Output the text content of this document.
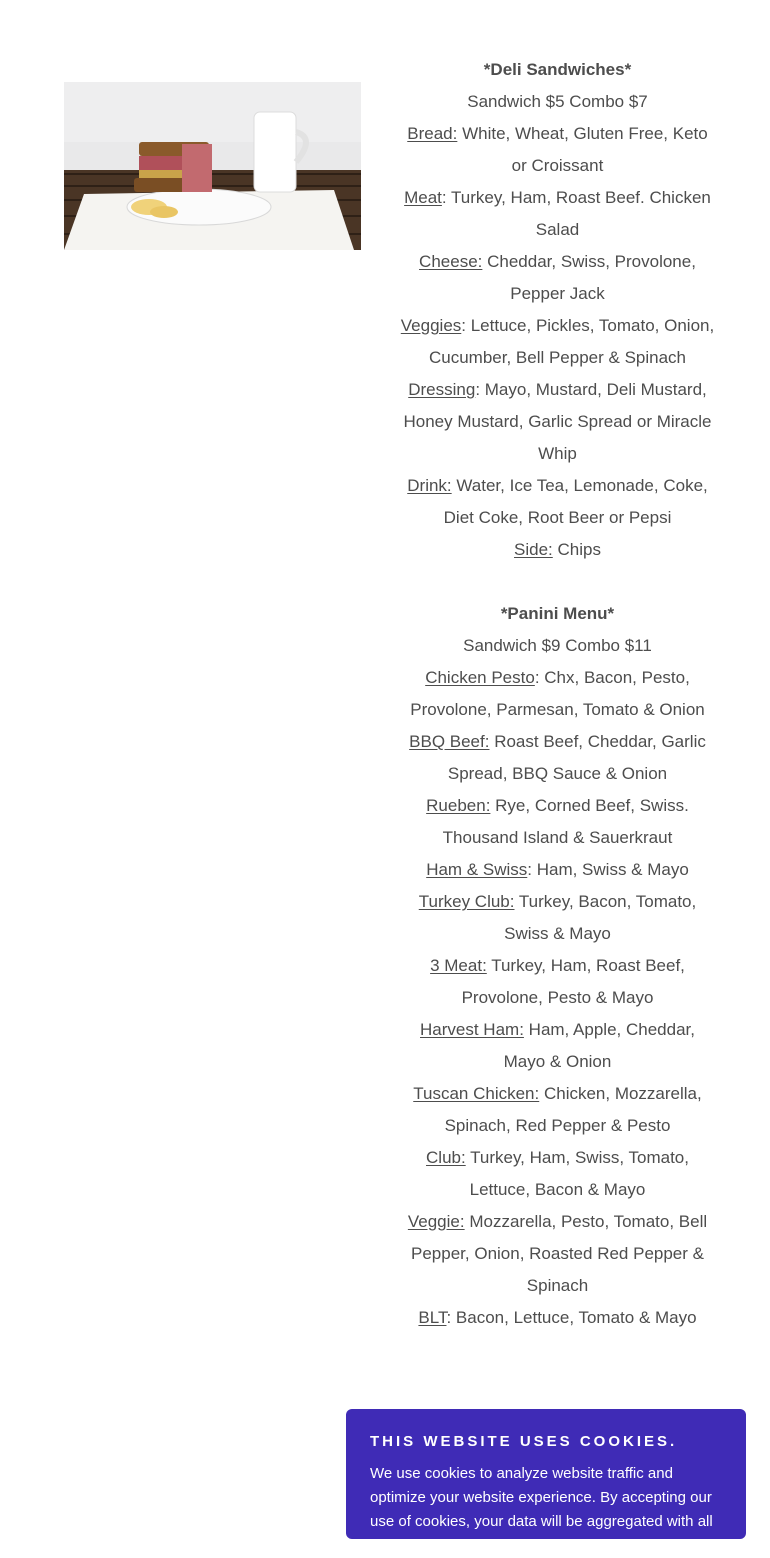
*Deli Sandwiches*

Sandwich $5 Combo $7

Bread: White, Wheat, Gluten Free, Keto or Croissant

Meat: Turkey, Ham, Roast Beef. Chicken Salad

Cheese: Cheddar, Swiss, Provolone, Pepper Jack

Veggies: Lettuce, Pickles, Tomato, Onion, Cucumber, Bell Pepper & Spinach

Dressing: Mayo, Mustard, Deli Mustard, Honey Mustard, Garlic Spread or Miracle Whip

Drink: Water, Ice Tea, Lemonade, Coke, Diet Coke, Root Beer or Pepsi

Side: Chips

*Panini Menu*

Sandwich $9 Combo $11

Chicken Pesto: Chx, Bacon, Pesto, Provolone, Parmesan, Tomato & Onion

BBQ Beef: Roast Beef, Cheddar, Garlic Spread, BBQ Sauce & Onion

Rueben: Rye, Corned Beef, Swiss. Thousand Island & Sauerkraut

Ham & Swiss: Ham, Swiss & Mayo

Turkey Club: Turkey, Bacon, Tomato, Swiss & Mayo

3 Meat: Turkey, Ham, Roast Beef, Provolone, Pesto & Mayo

Harvest Ham: Ham, Apple, Cheddar, Mayo & Onion

Tuscan Chicken: Chicken, Mozzarella, Spinach, Red Pepper & Pesto

Club: Turkey, Ham, Swiss, Tomato, Lettuce, Bacon & Mayo

Veggie: Mozzarella, Pesto, Tomato, Bell Pepper, Onion, Roasted Red Pepper & Spinach

BLT: Bacon, Lettuce, Tomato & Mayo

THIS WEBSITE USES COOKIES.

We use cookies to analyze website traffic and optimize your website experience. By accepting our use of cookies, your data will be aggregated with all other user data.
